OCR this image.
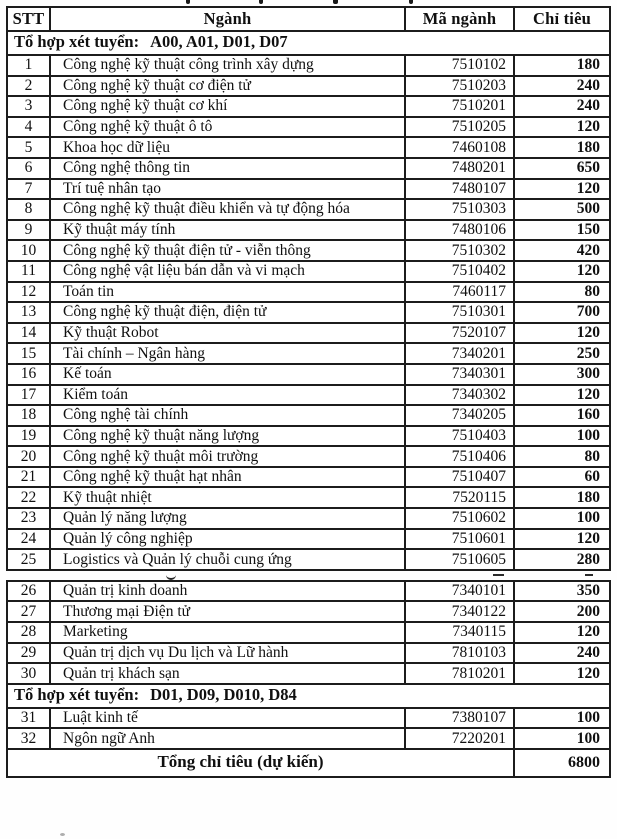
STT	Ngành	Mã ngành	Chỉ tiêu
Tổ hợp xét tuyển: A00, A01, D01, D07			
1	Công nghệ kỹ thuật công trình xây dựng	7510102	180
2	Công nghệ kỹ thuật cơ điện tử	7510203	240
3	Công nghệ kỹ thuật cơ khí	7510201	240
4	Công nghệ kỹ thuật ô tô	7510205	120
5	Khoa học dữ liệu	7460108	180
6	Công nghệ thông tin	7480201	650
7	Trí tuệ nhân tạo	7480107	120
8	Công nghệ kỹ thuật điều khiển và tự động hóa	7510303	500
9	Kỹ thuật máy tính	7480106	150
10	Công nghệ kỹ thuật điện tử - viễn thông	7510302	420
11	Công nghệ vật liệu bán dẫn và vi mạch	7510402	120
12	Toán tin	7460117	80
13	Công nghệ kỹ thuật điện, điện tử	7510301	700
14	Kỹ thuật Robot	7520107	120
15	Tài chính – Ngân hàng	7340201	250
16	Kế toán	7340301	300
17	Kiểm toán	7340302	120
18	Công nghệ tài chính	7340205	160
19	Công nghệ kỹ thuật năng lượng	7510403	100
20	Công nghệ kỹ thuật môi trường	7510406	80
21	Công nghệ kỹ thuật hạt nhân	7510407	60
22	Kỹ thuật nhiệt	7520115	180
23	Quản lý năng lượng	7510602	100
24	Quản lý công nghiệp	7510601	120
25	Logistics và Quản lý chuỗi cung ứng	7510605	280
26	Quản trị kinh doanh	7340101	350
27	Thương mại Điện tử	7340122	200
28	Marketing	7340115	120
29	Quản trị dịch vụ Du lịch và Lữ hành	7810103	240
30	Quản trị khách sạn	7810201	120
Tổ hợp xét tuyển: D01, D09, D010, D84			
31	Luật kinh tế	7380107	100
32	Ngôn ngữ Anh	7220201	100
Tổng chỉ tiêu (dự kiến)			6800
